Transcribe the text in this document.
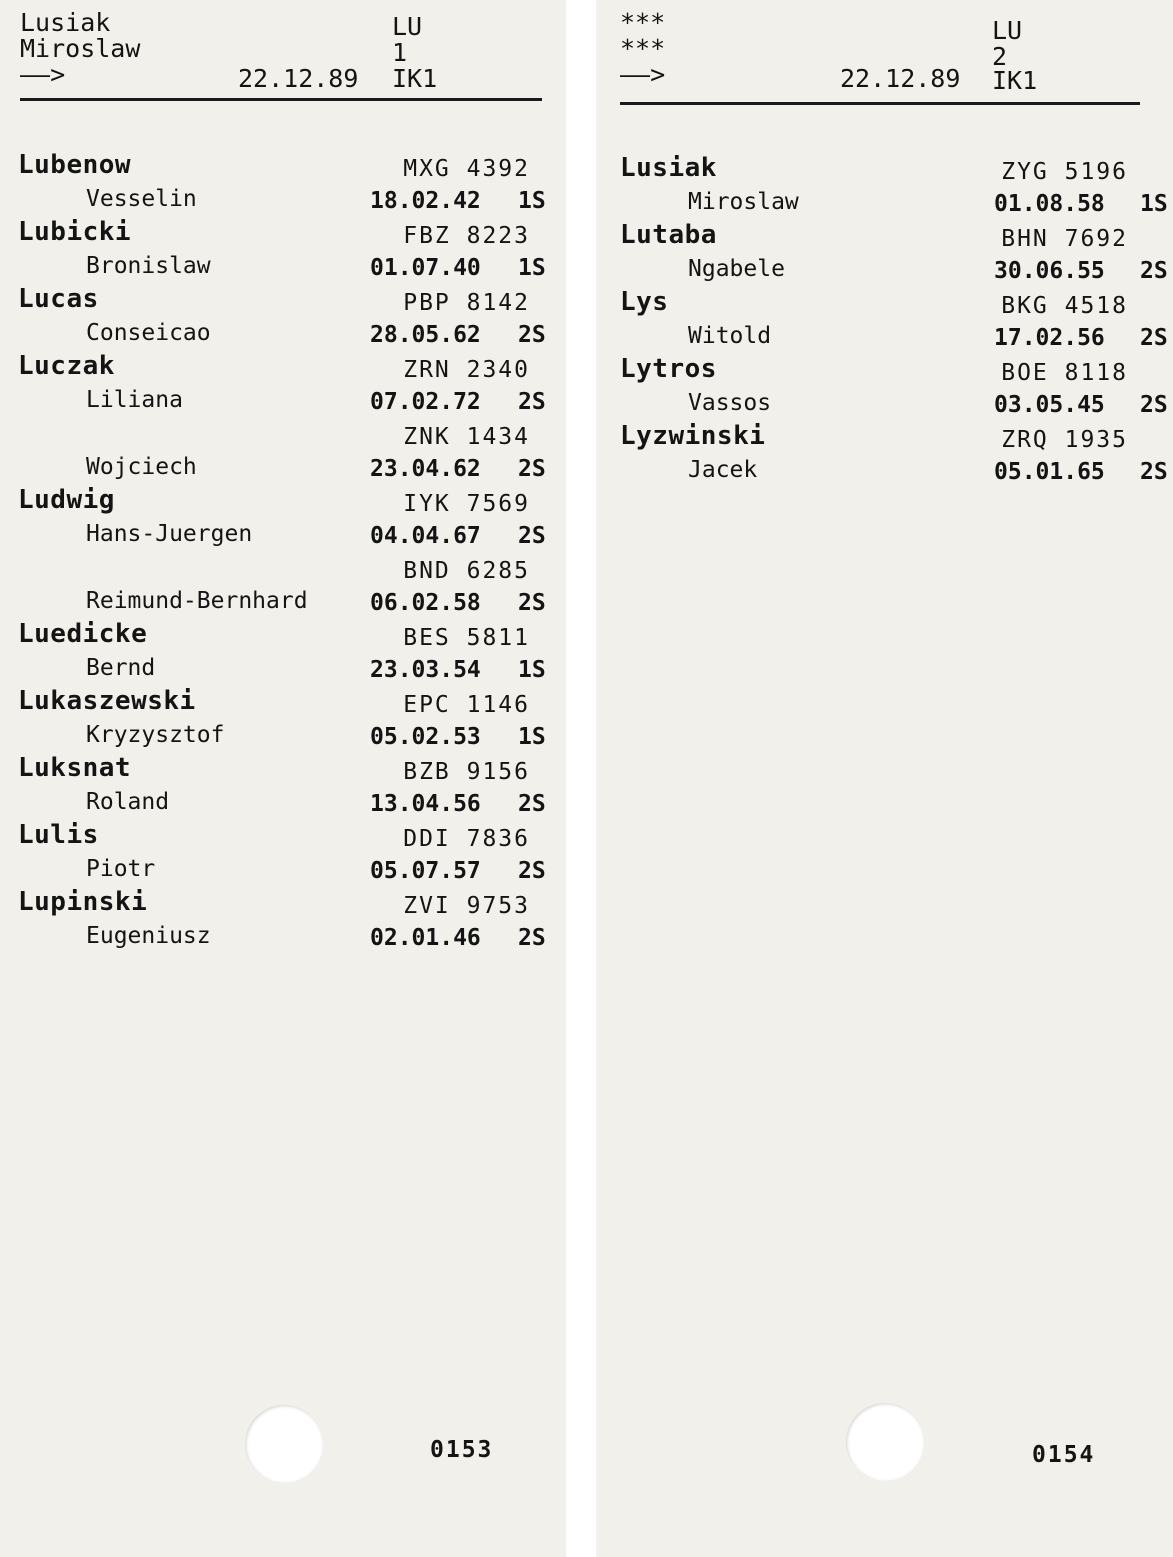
Lusiak
Miroslaw
——>	22.12.89
LU
1
IK1
Lubenow
Vesselin
MXG 4392
18.02.42 1S
Lubicki
Bronislaw
FBZ 8223
01.07.40 1S
Lucas
Conseicao
PBP 8142
28.05.62 2S
Luczak
Liliana
ZRN 2340
07.02.72 2S
Wojciech
ZNK 1434
23.04.62 2S
Ludwig
Hans-Juergen
IYK 7569
04.04.67 2S
Reimund-Bernhard
BND 6285
06.02.58 2S
Luedicke
Bernd
BES 5811
23.03.54 1S
Lukaszewski
Kryzysztof
EPC 1146
05.02.53 1S
Luksnat
Roland
BZB 9156
13.04.56 2S
Lulis
Piotr
DDI 7836
05.07.57 2S
Lupinski
Eugeniusz
ZVI 9753
02.01.46 2S
0153
***
***
——>	22.12.89
LU
2
IK1
Lusiak
Miroslaw
ZYG 5196
01.08.58 1S
Lutaba
Ngabele
BHN 7692
30.06.55 2S
Lys
Witold
BKG 4518
17.02.56 2S
Lytros
Vassos
BOE 8118
03.05.45 2S
Lyzwinski
Jacek
ZRQ 1935
05.01.65 2S
0154
